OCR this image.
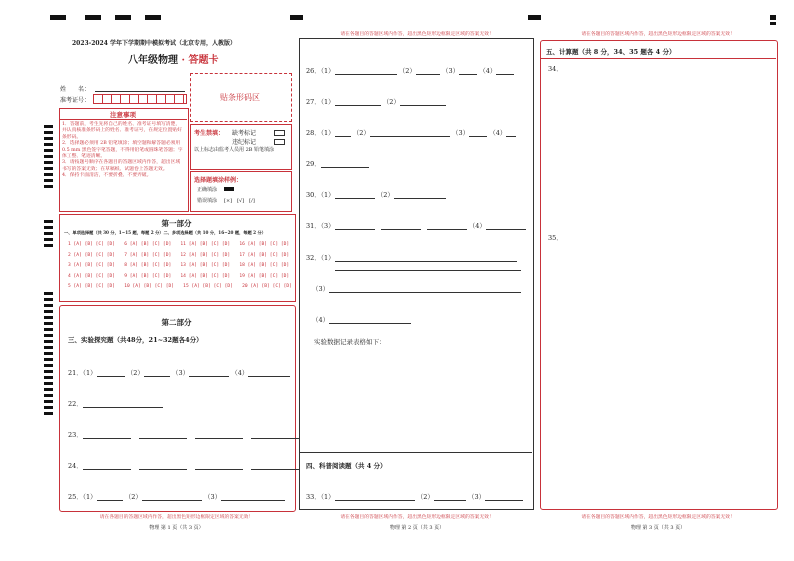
2023-2024 学年下学期期中模拟考试（北京专用，人教版）
八年级物理 · 答题卡
姓　　名：
准考证号：	贴条形码区
注意事项
1．答题前，考生先将自己的姓名、准考证号填写清楚，并认真核准条形码上的姓名、准考证号，在规定位置贴好条形码。
2．选择题必须用 2B 铅笔填涂；填空题和解答题必须用 0.5 mm 黑色签字笔答题，不得用铅笔或圆珠笔答题；字体工整、笔迹清晰。
3．请按题号顺序在各题目的答题区域内作答，超出区域书写的答案无效；在草稿纸、试题卷上答题无效。
4．保持卡面清洁，不要折叠、不要弄破。
考生禁填： 缺考标记
违纪标记
以上标志由监考人员用 2B 铅笔填涂
选择题填涂样例：
正确填涂
错误填涂 [×]　[√]　[/]
第一部分
一、单项选择题（共 30 分，1~15 题，每题 2 分）二、多项选择题（共 10 分，16~20 题，每题 2 分）
1 [A] [B] [C] [D]　　6 [A] [B] [C] [D]　　11 [A] [B] [C] [D]　　16 [A] [B] [C] [D]
2 [A] [B] [C] [D]　　7 [A] [B] [C] [D]　　12 [A] [B] [C] [D]　　17 [A] [B] [C] [D]
3 [A] [B] [C] [D]　　8 [A] [B] [C] [D]　　13 [A] [B] [C] [D]　　18 [A] [B] [C] [D]
4 [A] [B] [C] [D]　　9 [A] [B] [C] [D]　　14 [A] [B] [C] [D]　　19 [A] [B] [C] [D]
5 [A] [B] [C] [D]　　10 [A] [B] [C] [D]　　15 [A] [B] [C] [D]　　20 [A] [B] [C] [D]
第二部分
三、实验探究题（共48分，21~32题各4分）
21．（1）	（2）	（3）	（4）
22．
23．
24．
25．（1）	（2）	（3）
请在各题目的答题区域内作答，超出黑色矩形边框限定区域的答案无效！
物理 第 1 页（共 3 页）
请在各题目的答题区域内作答，超出黑色矩形边框限定区域的答案无效！
26．（1）	（2）	（3）	（4）
27．（1）	（2）
28．（1）	（2）	（3）	（4）
29．
30．（1）	（2）
31．（3）	（4）
32．（1）
（3）
（4）
实验数据记录表格如下：
四、科普阅读题（共 4 分）
33．（1）	（2）	（3）
请在各题目的答题区域内作答，超出黑色矩形边框限定区域的答案无效！
物理 第 2 页（共 3 页）
请在各题目的答题区域内作答，超出黑色矩形边框限定区域的答案无效！
五、计算题（共 8 分，34、35 题各 4 分）
34．
35．
请在各题目的答题区域内作答，超出黑色矩形边框限定区域的答案无效！
物理 第 3 页（共 3 页）
